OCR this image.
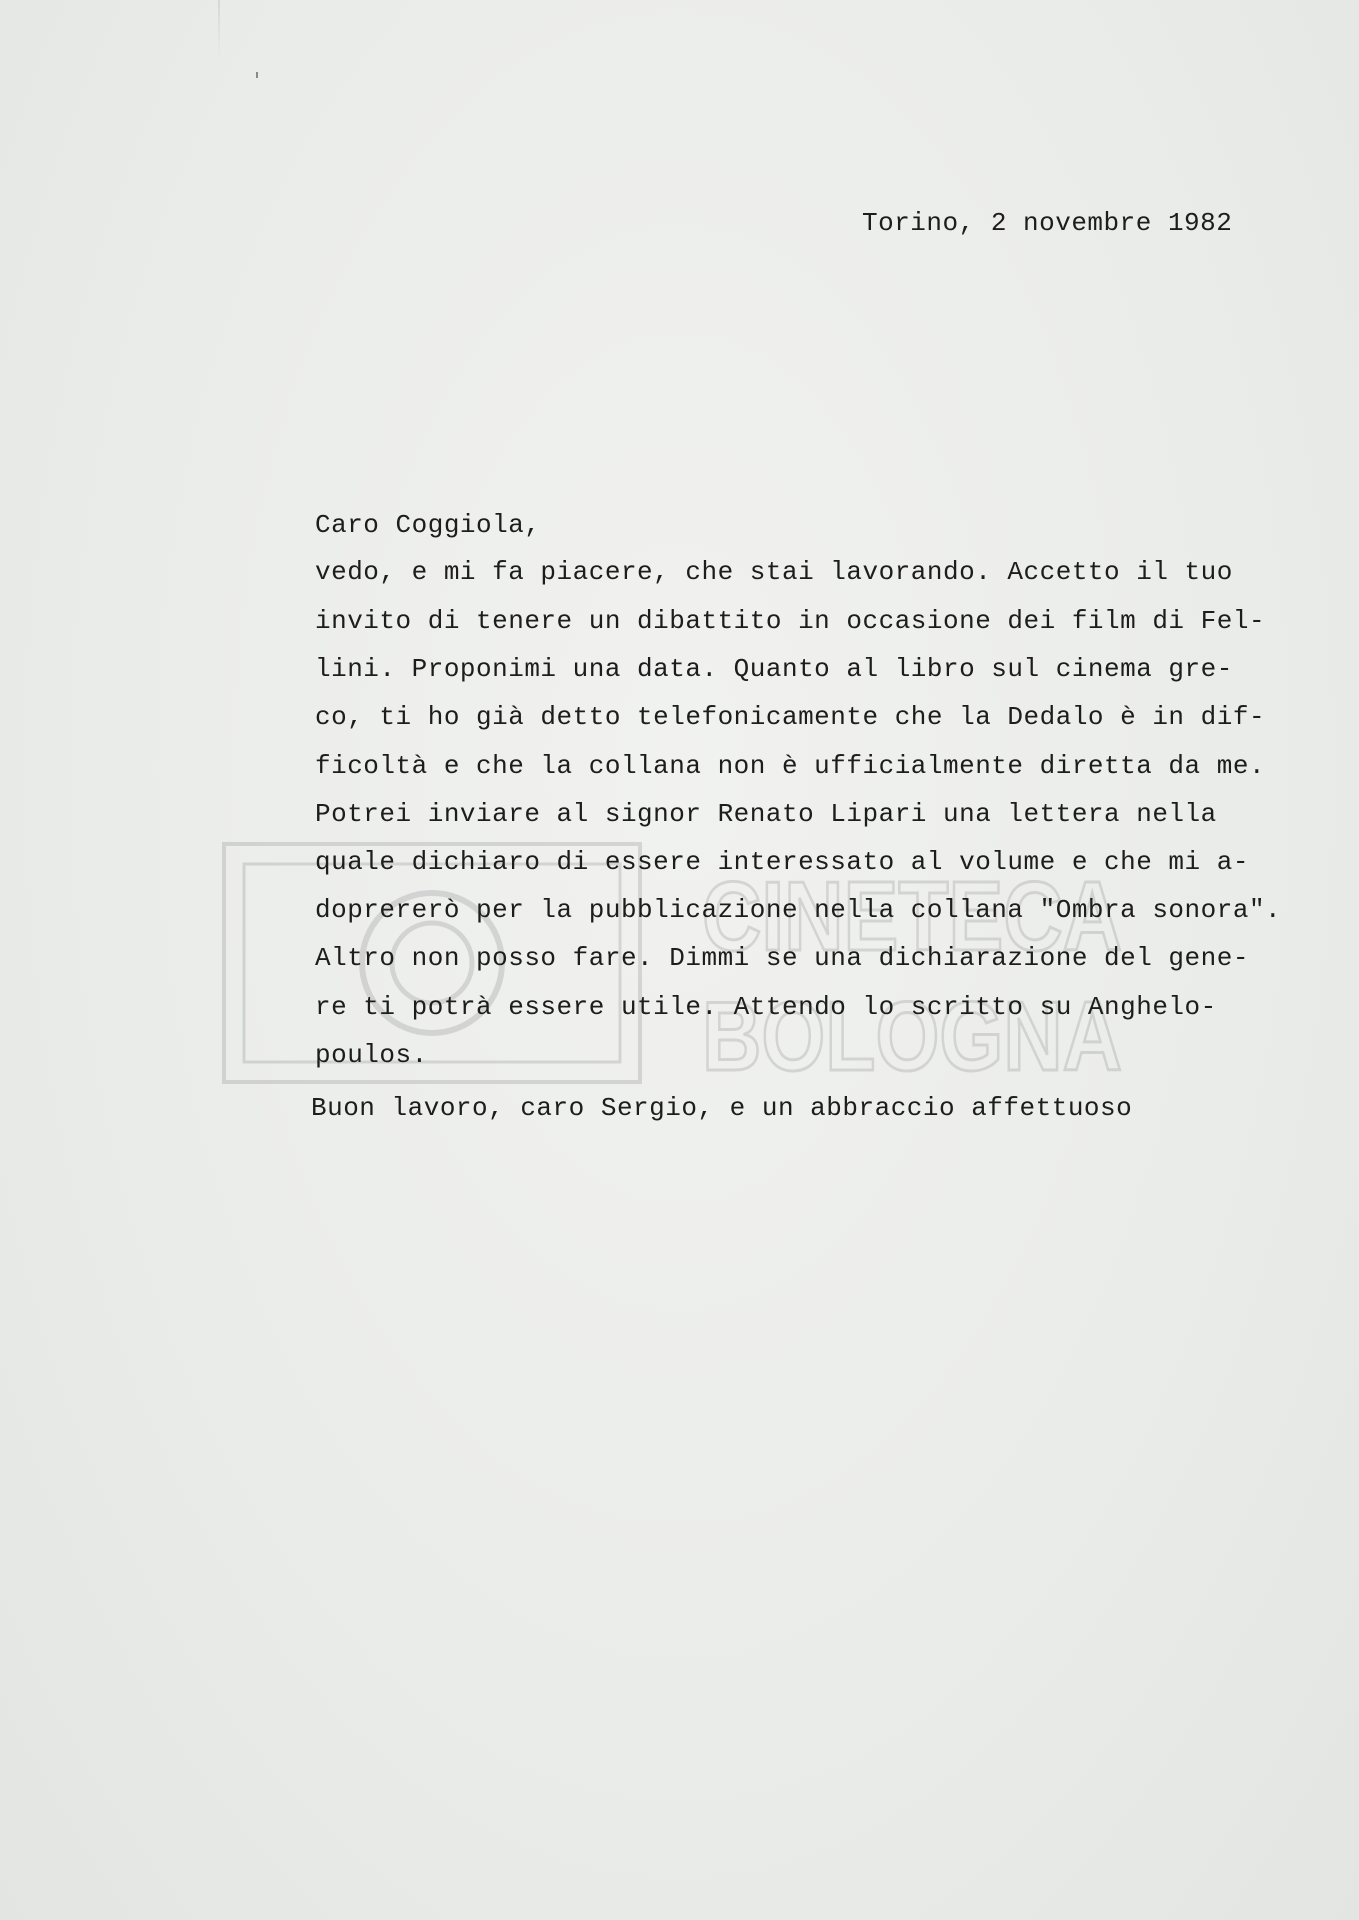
CINETECA
BOLOGNA
Torino, 2 novembre 1982
Caro Coggiola,
vedo, e mi fa piacere, che stai lavorando. Accetto il tuo
invito di tenere un dibattito in occasione dei film di Fel-
lini. Proponimi una data. Quanto al libro sul cinema gre-
co, ti ho già detto telefonicamente che la Dedalo è in dif-
ficoltà e che la collana non è ufficialmente diretta da me.
Potrei inviare al signor Renato Lipari una lettera nella
quale dichiaro di essere interessato al volume e che mi a-
doprererò per la pubblicazione nella collana "Ombra sonora".
Altro non posso fare. Dimmi se una dichiarazione del gene-
re ti potrà essere utile. Attendo lo scritto su Anghelo-
poulos.
Buon lavoro, caro Sergio, e un abbraccio affettuoso
